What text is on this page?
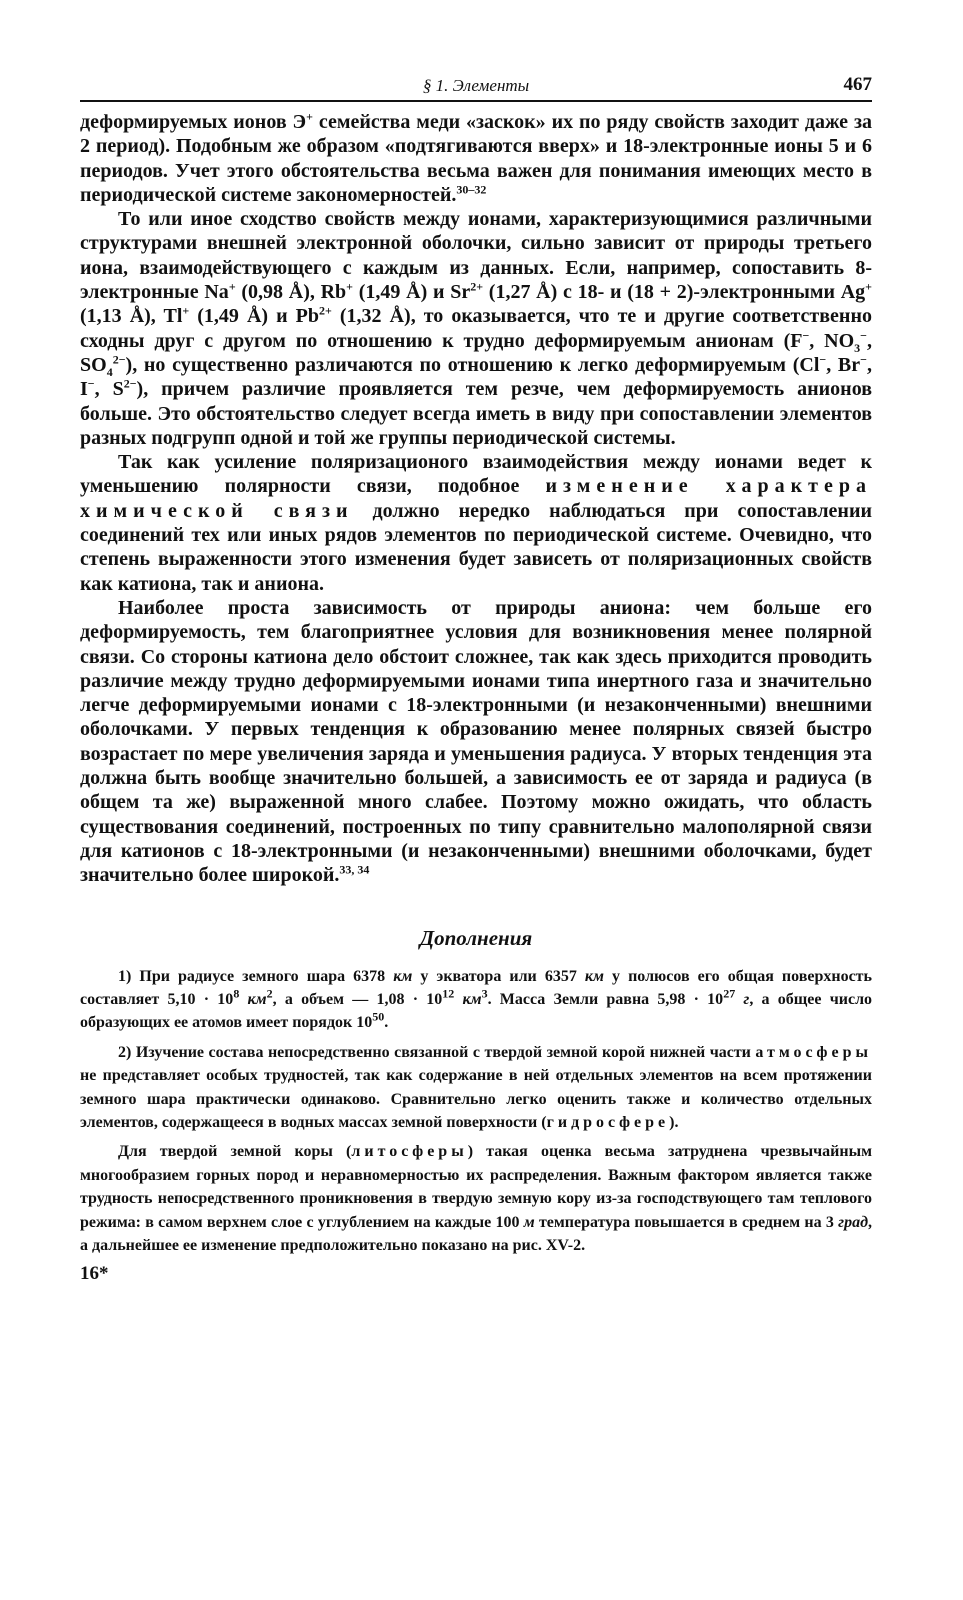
§ 1. Элементы	467

деформируемых ионов Э+ семейства меди «заскок» их по ряду свойств заходит даже за 2 период). Подобным же образом «подтягиваются вверх» и 18-электронные ионы 5 и 6 периодов. Учет этого обстоятельства весьма важен для понимания имеющих место в периодической системе закономерностей.$^{30-32}$

То или иное сходство свойств между ионами, характеризующимися различными структурами внешней электронной оболочки, сильно зависит от природы третьего иона, взаимодействующего с каждым из данных. Если, например, сопоставить 8-электронные Na+ (0,98 Å), Rb+ (1,49 Å) и $Sr^{2+}$ (1,27 Å) с 18- и (18 + 2)-электронными Ag+ (1,13 Å), Tl+ (1,49 Å) и $Pb^{2+}$ (1,32 Å), то оказывается, что те и другие соответственно сходны друг с другом по отношению к трудно деформируемым анионам (F−, $NO_3^-$, $SO_4^{2-}$), но существенно различаются по отношению к легко деформируемым (Cl−, Br−, I−, $S^{2-}$), причем различие проявляется тем резче, чем деформируемость анионов больше. Это обстоятельство следует всегда иметь в виду при сопоставлении элементов разных подгрупп одной и той же группы периодической системы.

Так как усиление поляризационого взаимодействия между ионами ведет к уменьшению полярности связи, подобное изменение характера химической связи должно нередко наблюдаться при сопоставлении соединений тех или иных рядов элементов по периодической системе. Очевидно, что степень выраженности этого изменения будет зависеть от поляризационных свойств как катиона, так и аниона.

Наиболее проста зависимость от природы аниона: чем больше его деформируемость, тем благоприятнее условия для возникновения менее полярной связи. Со стороны катиона дело обстоит сложнее, так как здесь приходится проводить различие между трудно деформируемыми ионами типа инертного газа и значительно легче деформируемыми ионами с 18-электронными (и незаконченными) внешними оболочками. У первых тенденция к образованию менее полярных связей быстро возрастает по мере увеличения заряда и уменьшения радиуса. У вторых тенденция эта должна быть вообще значительно большей, а зависимость ее от заряда и радиуса (в общем та же) выраженной много слабее. Поэтому можно ожидать, что область существования соединений, построенных по типу сравнительно малополярной связи для катионов с 18-электронными (и незаконченными) внешними оболочками, будет значительно более широкой.$^{33, 34}$

Дополнения

1) При радиусе земного шара 6378 км у экватора или 6357 км у полюсов его общая поверхность составляет $5,10 \cdot 10^8$ $км^2$, а объем — $1,08 \cdot 10^{12}$ $км^3$. Масса Земли равна $5,98 \cdot 10^{27}$ г, а общее число образующих ее атомов имеет порядок $10^{50}$.

2) Изучение состава непосредственно связанной с твердой земной корой нижней части атмосферы не представляет особых трудностей, так как содержание в ней отдельных элементов на всем протяжении земного шара практически одинаково. Сравнительно легко оценить также и количество отдельных элементов, содержащееся в водных массах земной поверхности (гидросфере).

Для твердой земной коры (литосферы) такая оценка весьма затруднена чрезвычайным многообразием горных пород и неравномерностью их распределения. Важным фактором является также трудность непосредственного проникновения в твердую земную кору из-за господствующего там теплового режима: в самом верхнем слое с углублением на каждые 100 м температура повышается в среднем на 3 град, а дальнейшее ее изменение предположительно показано на рис. XV-2.

16*
